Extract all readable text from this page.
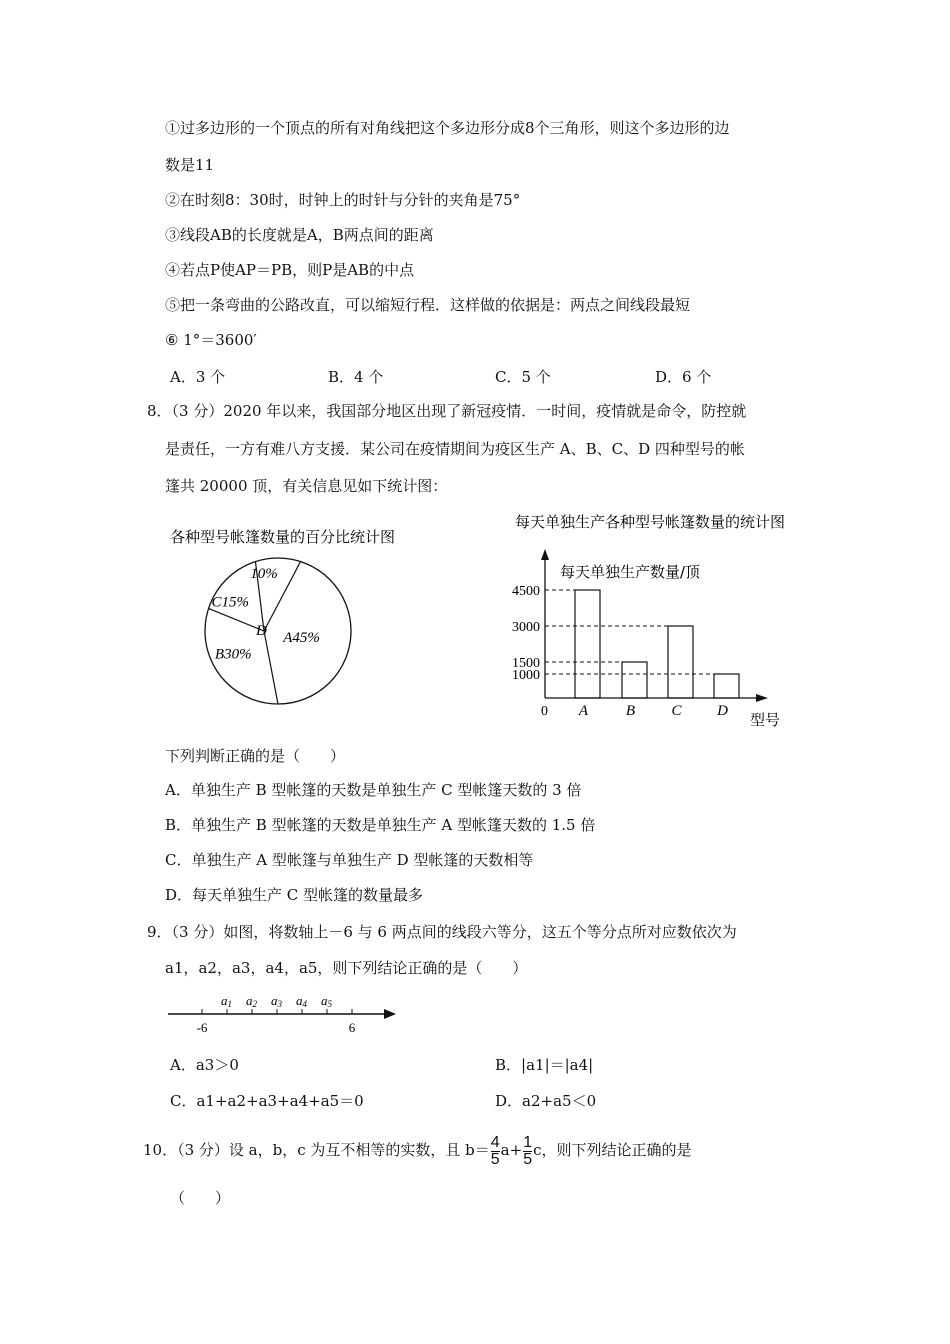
①过多边形的一个顶点的所有对角线把这个多边形分成8个三角形，则这个多边形的边
数是11
②在时刻8：30时，时钟上的时针与分针的夹角是75°
③线段AB的长度就是A，B两点间的距离
④若点P使AP＝PB，则P是AB的中点
⑤把一条弯曲的公路改直，可以缩短行程．这样做的依据是：两点之间线段最短
⑥ 1°＝3600′
A．3 个	B．4 个	C．5 个	D．6 个
8．（3 分）2020 年以来，我国部分地区出现了新冠疫情．一时间，疫情就是命令，防控就
是责任，一方有难八方支援．某公司在疫情期间为疫区生产 A、B、C、D 四种型号的帐
篷共 20000 顶，有关信息见如下统计图：
各种型号帐篷数量的百分比统计图
每天单独生产各种型号帐篷数量的统计图
A45%
B30%
C15%
10%
D
每天单独生产数量/顶
型号
0
4500
3000
1500
1000
A	B C D
下列判断正确的是（　　）
A．单独生产 B 型帐篷的天数是单独生产 C 型帐篷天数的 3 倍
B．单独生产 B 型帐篷的天数是单独生产 A 型帐篷天数的 1.5 倍
C．单独生产 A 型帐篷与单独生产 D 型帐篷的天数相等
D．每天单独生产 C 型帐篷的数量最多
9．（3 分）如图，将数轴上－6 与 6 两点间的线段六等分，这五个等分点所对应数依次为
a1，a2，a3，a4，a5，则下列结论正确的是（　　）
-6	6
a1 a2 a3 a4 a5
A．a3＞0	B．|a1|＝|a4|
C．a1+a2+a3+a4+a5＝0	D．a2+a5＜0
10．（3 分）设 a，b，c 为互不相等的实数，且 $b= \frac{4}{5} a+ \frac{1}{5}$ c，则下列结论正确的是
（　　）
